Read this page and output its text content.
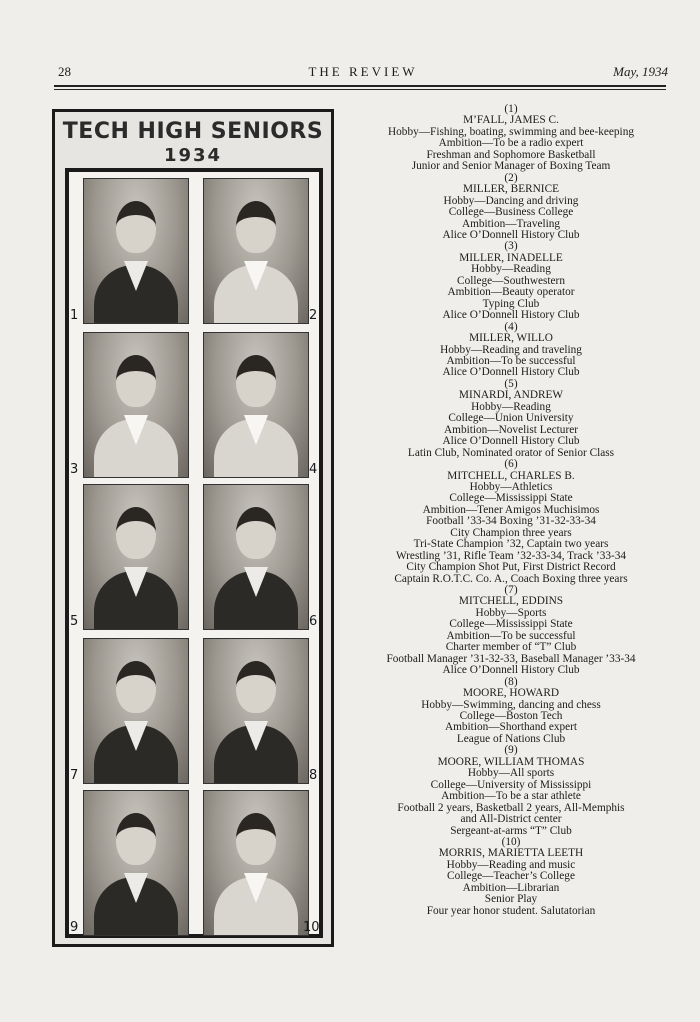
28	THE REVIEW	May, 1934
TECH HIGH SENIORS
1934
1	2
3	4
5	6
7	8
9	10
(1)
M’FALL, JAMES C.
Hobby—Fishing, boating, swimming and bee-keeping
Ambition—To be a radio expert
Freshman and Sophomore Basketball
Junior and Senior Manager of Boxing Team
(2)
MILLER, BERNICE
Hobby—Dancing and driving
College—Business College
Ambition—Traveling
Alice O’Donnell History Club
(3)
MILLER, INADELLE
Hobby—Reading
College—Southwestern
Ambition—Beauty operator
Typing Club
Alice O’Donnell History Club
(4)
MILLER, WILLO
Hobby—Reading and traveling
Ambition—To be successful
Alice O’Donnell History Club
(5)
MINARDI, ANDREW
Hobby—Reading
College—Union University
Ambition—Novelist Lecturer
Alice O’Donnell History Club
Latin Club, Nominated orator of Senior Class
(6)
MITCHELL, CHARLES B.
Hobby—Athletics
College—Mississippi State
Ambition—Tener Amigos Muchisimos
Football ’33-34 Boxing ’31-32-33-34
City Champion three years
Tri-State Champion ’32, Captain two years
Wrestling ’31, Rifle Team ’32-33-34, Track ’33-34
City Champion Shot Put, First District Record
Captain R.O.T.C. Co. A., Coach Boxing three years
(7)
MITCHELL, EDDINS
Hobby—Sports
College—Mississippi State
Ambition—To be successful
Charter member of “T” Club
Football Manager ’31-32-33, Baseball Manager ’33-34
Alice O’Donnell History Club
(8)
MOORE, HOWARD
Hobby—Swimming, dancing and chess
College—Boston Tech
Ambition—Shorthand expert
League of Nations Club
(9)
MOORE, WILLIAM THOMAS
Hobby—All sports
College—University of Mississippi
Ambition—To be a star athlete
Football 2 years, Basketball 2 years, All-Memphis
and All-District center
Sergeant-at-arms “T” Club
(10)
MORRIS, MARIETTA LEETH
Hobby—Reading and music
College—Teacher’s College
Ambition—Librarian
Senior Play
Four year honor student. Salutatorian
